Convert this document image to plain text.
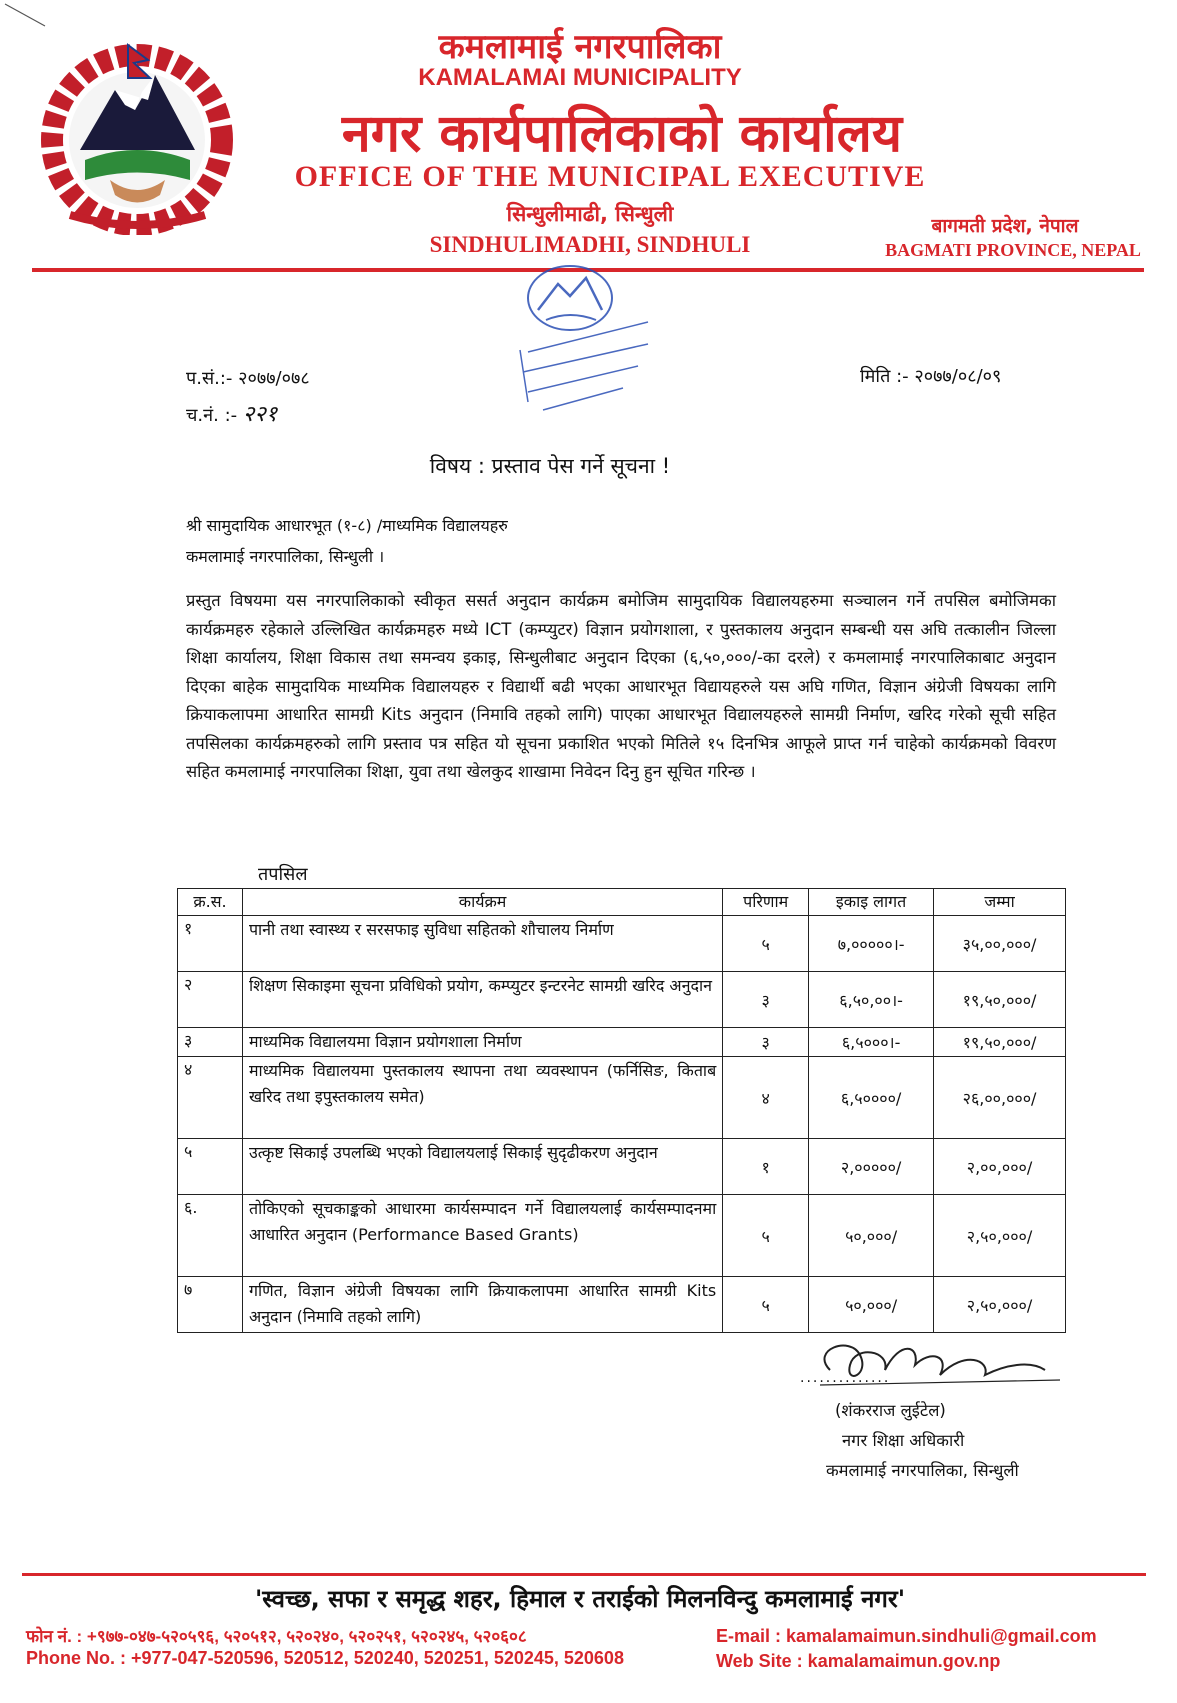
कमलामाई नगरपालिका
KAMALAMAI MUNICIPALITY
नगर कार्यपालिकाको कार्यालय
OFFICE OF THE MUNICIPAL EXECUTIVE
सिन्धुलीमाढी, सिन्धुली
SINDHULIMADHI, SINDHULI
बागमती प्रदेश, नेपाल
BAGMATI PROVINCE, NEPAL
प.सं.:- २०७७/०७८
च.नं. :- २२१
मिति :- २०७७/०८/०९
विषय : प्रस्ताव पेस गर्ने सूचना !
श्री सामुदायिक आधारभूत (१-८) /माध्यमिक विद्यालयहरु
कमलामाई नगरपालिका, सिन्धुली ।

प्रस्तुत विषयमा यस नगरपालिकाको स्वीकृत ससर्त अनुदान कार्यक्रम बमोजिम सामुदायिक विद्यालयहरुमा सञ्चालन गर्ने तपसिल बमोजिमका कार्यक्रमहरु रहेकाले उल्लिखित कार्यक्रमहरु मध्ये ICT (कम्प्युटर) विज्ञान प्रयोगशाला, र पुस्तकालय अनुदान सम्बन्धी यस अघि तत्कालीन जिल्ला शिक्षा कार्यालय, शिक्षा विकास तथा समन्वय इकाइ, सिन्धुलीबाट अनुदान दिएका (६,५०,०००/-का दरले) र कमलामाई नगरपालिकाबाट अनुदान दिएका बाहेक सामुदायिक माध्यमिक विद्यालयहरु र विद्यार्थी बढी भएका आधारभूत विद्यायहरुले यस अघि गणित, विज्ञान अंग्रेजी विषयका लागि क्रियाकलापमा आधारित सामग्री Kits अनुदान (निमावि तहको लागि) पाएका आधारभूत विद्यालयहरुले सामग्री निर्माण, खरिद गरेको सूची सहित तपसिलका कार्यक्रमहरुको लागि प्रस्ताव पत्र सहित यो सूचना प्रकाशित भएको मितिले १५ दिनभित्र आफूले प्राप्त गर्न चाहेको कार्यक्रमको विवरण सहित कमलामाई नगरपालिका शिक्षा, युवा तथा खेलकुद शाखामा निवेदन दिनु हुन सूचित गरिन्छ ।

तपसिल
क्र.स.	कार्यक्रम	परिणाम	इकाइ लागत	जम्मा
१	पानी तथा स्वास्थ्य र सरसफाइ सुविधा सहितको शौचालय निर्माण	५	७,०००००।-	३५,००,०००/
२	शिक्षण सिकाइमा सूचना प्रविधिको प्रयोग, कम्प्युटर इन्टरनेट सामग्री खरिद अनुदान	३	६,५०,००।-	१९,५०,०००/
३	माध्यमिक विद्यालयमा विज्ञान प्रयोगशाला निर्माण	३	६,५०००।-	१९,५०,०००/
४	माध्यमिक विद्यालयमा पुस्तकालय स्थापना तथा व्यवस्थापन (फर्निसिङ, किताब खरिद तथा इपुस्तकालय समेत)	४	६,५००००/	२६,००,०००/
५	उत्कृष्ट सिकाई उपलब्धि भएको विद्यालयलाई सिकाई सुदृढीकरण अनुदान	१	२,०००००/	२,००,०००/
६.	तोकिएको सूचकाङ्कको आधारमा कार्यसम्पादन गर्ने विद्यालयलाई कार्यसम्पादनमा आधारित अनुदान (Performance Based Grants)	५	५०,०००/	२,५०,०००/
७	गणित, विज्ञान अंग्रेजी विषयका लागि क्रियाकलापमा आधारित सामग्री Kits अनुदान (निमावि तहको लागि)	५	५०,०००/	२,५०,०००/
..............
(शंकरराज लुईटेल)
नगर शिक्षा अधिकारी
कमलामाई नगरपालिका, सिन्धुली
'स्वच्छ, सफा र समृद्ध शहर, हिमाल र तराईको मिलनविन्दु कमलामाई नगर'
फोन नं. : +९७७-०४७-५२०५९६, ५२०५१२, ५२०२४०, ५२०२५१, ५२०२४५, ५२०६०८
Phone No. : +977-047-520596, 520512, 520240, 520251, 520245, 520608
E-mail : kamalamaimun.sindhuli@gmail.com
Web Site : kamalamaimun.gov.np
